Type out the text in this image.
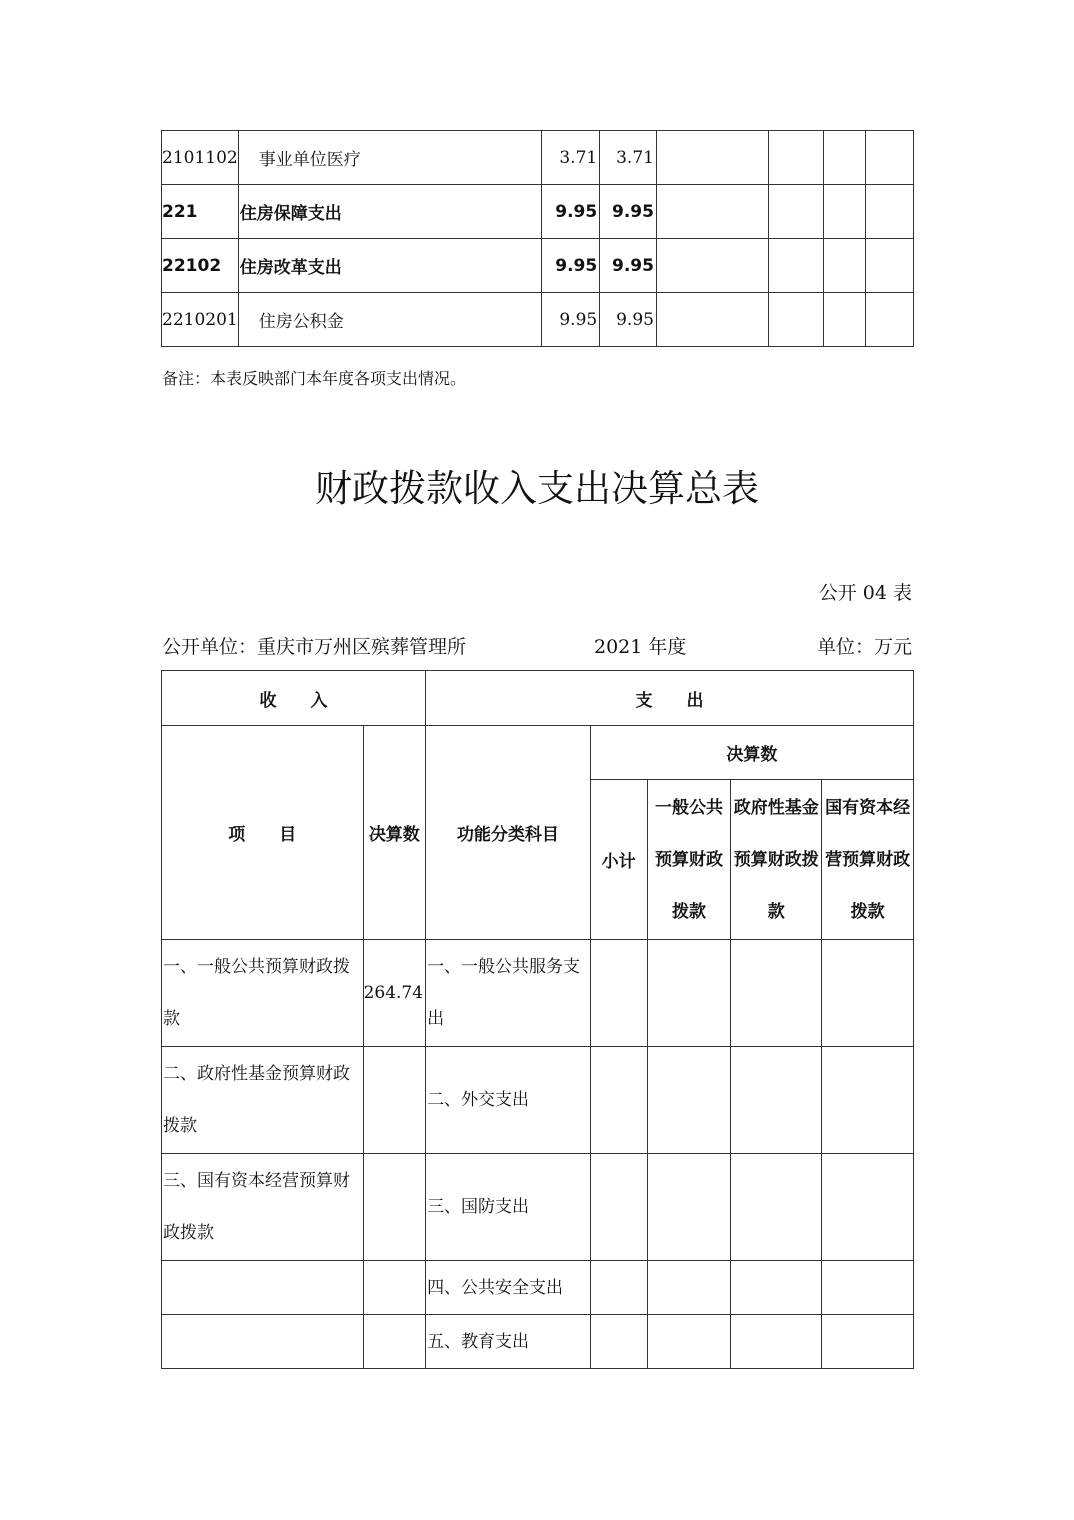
2101102	事业单位医疗	3.71	3.71				
221	住房保障支出	9.95	9.95				
22102	住房改革支出	9.95	9.95				
2210201	住房公积金	9.95	9.95				
备注：本表反映部门本年度各项支出情况。
财政拨款收入支出决算总表
公开 04 表
公开单位：重庆市万州区殡葬管理所	2021 年度	单位：万元
收　　入		支　　出				
项　　目	决算数	功能分类科目	决算数			
			小计	一般公共预算财政拨款	政府性基金预算财政拨款	国有资本经营预算财政拨款
一、一般公共预算财政拨款	264.74	一、一般公共服务支出				
二、政府性基金预算财政拨款		二、外交支出				
三、国有资本经营预算财政拨款		三、国防支出				
		四、公共安全支出				
		五、教育支出				
